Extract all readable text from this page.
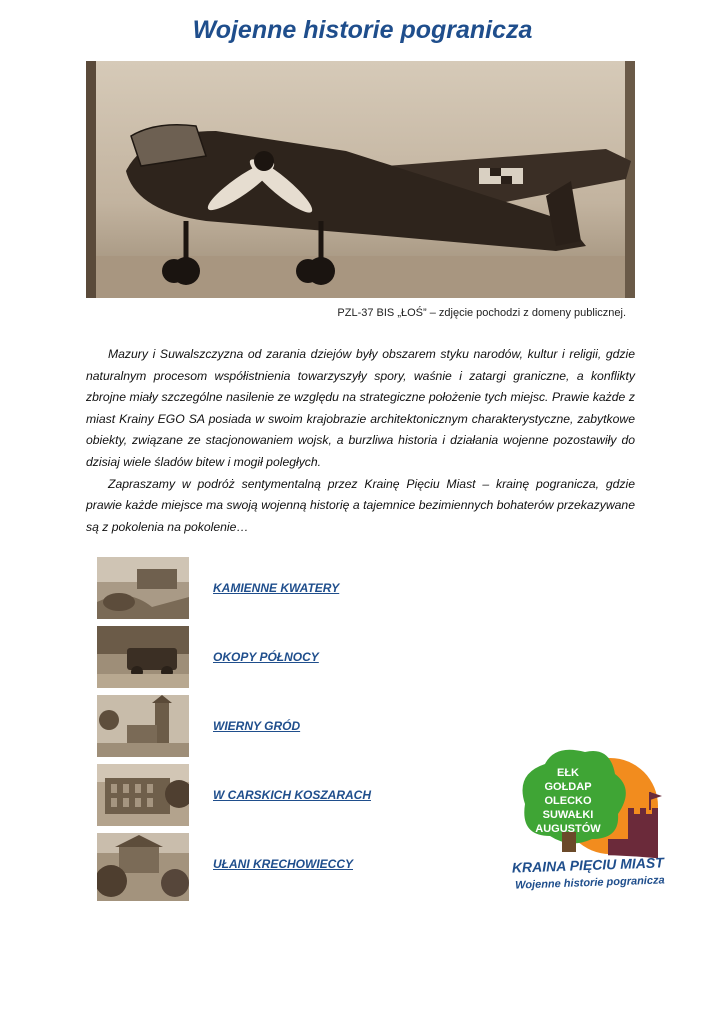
Wojenne historie pogranicza
PZL-37 BIS „ŁOŚ” – zdjęcie pochodzi z domeny publicznej.

Mazury i Suwalszczyzna od zarania dziejów były obszarem styku narodów, kultur i religii, gdzie naturalnym procesom współistnienia towarzyszyły spory, waśnie i zatargi graniczne, a konflikty zbrojne miały szczególne nasilenie ze względu na strategiczne położenie tych miejsc. Prawie każde z miast Krainy EGO SA posiada w swoim krajobrazie architektonicznym charakterystyczne, zabytkowe obiekty, związane ze stacjonowaniem wojsk, a burzliwa historia i działania wojenne pozostawiły do dzisiaj wiele śladów bitew i mogił poległych.

Zapraszamy w podróż sentymentalną przez Krainę Pięciu Miast – krainę pogranicza, gdzie prawie każde miejsce ma swoją wojenną historię a tajemnice bezimiennych bohaterów przekazywane są z pokolenia na pokolenie…

KAMIENNE KWATERY
OKOPY PÓŁNOCY
WIERNY GRÓD
W CARSKICH KOSZARACH
UŁANI KRECHOWIECCY
EŁK
GOŁDAP
OLECKO
SUWAŁKI
AUGUSTÓW
KRAINA PIĘCIU MIAST
Wojenne historie pogranicza
